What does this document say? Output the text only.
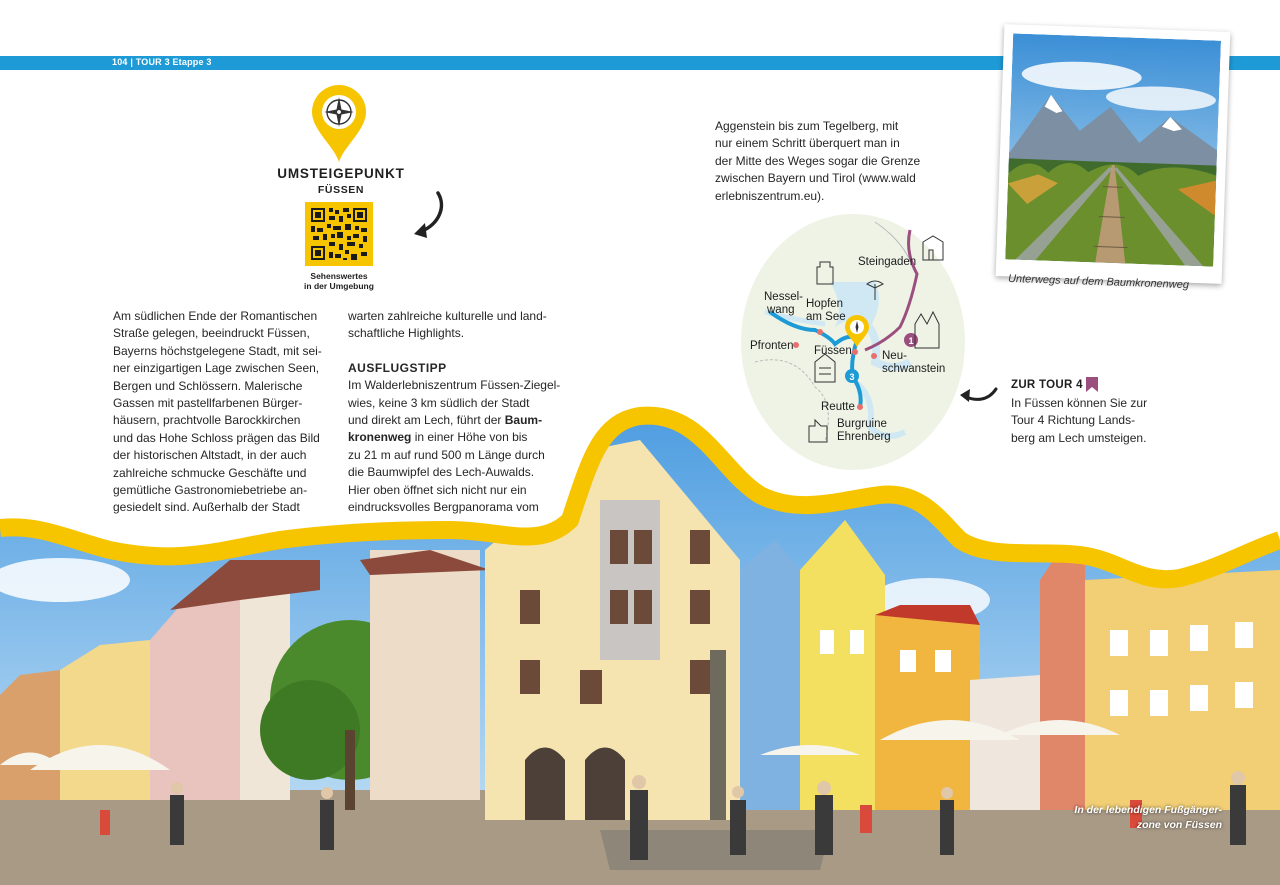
104 | TOUR 3 Etappe 3
UMSTEIGEPUNKT
FÜSSEN
Sehenswertes
in der Umgebung

Am südlichen Ende der Romantischen

Straße gelegen, beeindruckt Füssen,

Bayerns höchstgelegene Stadt, mit sei-

ner einzigartigen Lage zwischen Seen,

Bergen und Schlössern. Malerische

Gassen mit pastellfarbenen Bürger-

häusern, prachtvolle Barockkirchen

und das Hohe Schloss prägen das Bild

der historischen Altstadt, in der auch

zahlreiche schmucke Geschäfte und

gemütliche Gastronomiebetriebe an-

gesiedelt sind. Außerhalb der Stadt

warten zahlreiche kulturelle und land-

schaftliche Highlights.

AUSFLUGSTIPP

Im Walderlebniszentrum Füssen-Ziegel-

wies, keine 3 km südlich der Stadt

und direkt am Lech, führt der Baum-

kronenweg in einer Höhe von bis

zu 21 m auf rund 500 m Länge durch

die Baumwipfel des Lech-Auwalds.

Hier oben öffnet sich nicht nur ein

eindrucksvolles Bergpanorama vom

Aggenstein bis zum Tegelberg, mit

nur einem Schritt überquert man in

der Mitte des Weges sogar die Grenze

zwischen Bayern und Tirol (www.wald

erlebniszentrum.eu).

Unterwegs auf dem Baumkronenweg
1
3
Steingaden
Nessel-
wang	Hopfen
am See
Pfronten Füssen	Neu-
schwanstein
Reutte
Burgruine
Ehrenberg
ZUR TOUR 4
In Füssen können Sie zur
Tour 4 Richtung Lands-
berg am Lech umsteigen.
In der lebendigen Fußgänger-
zone von Füssen
